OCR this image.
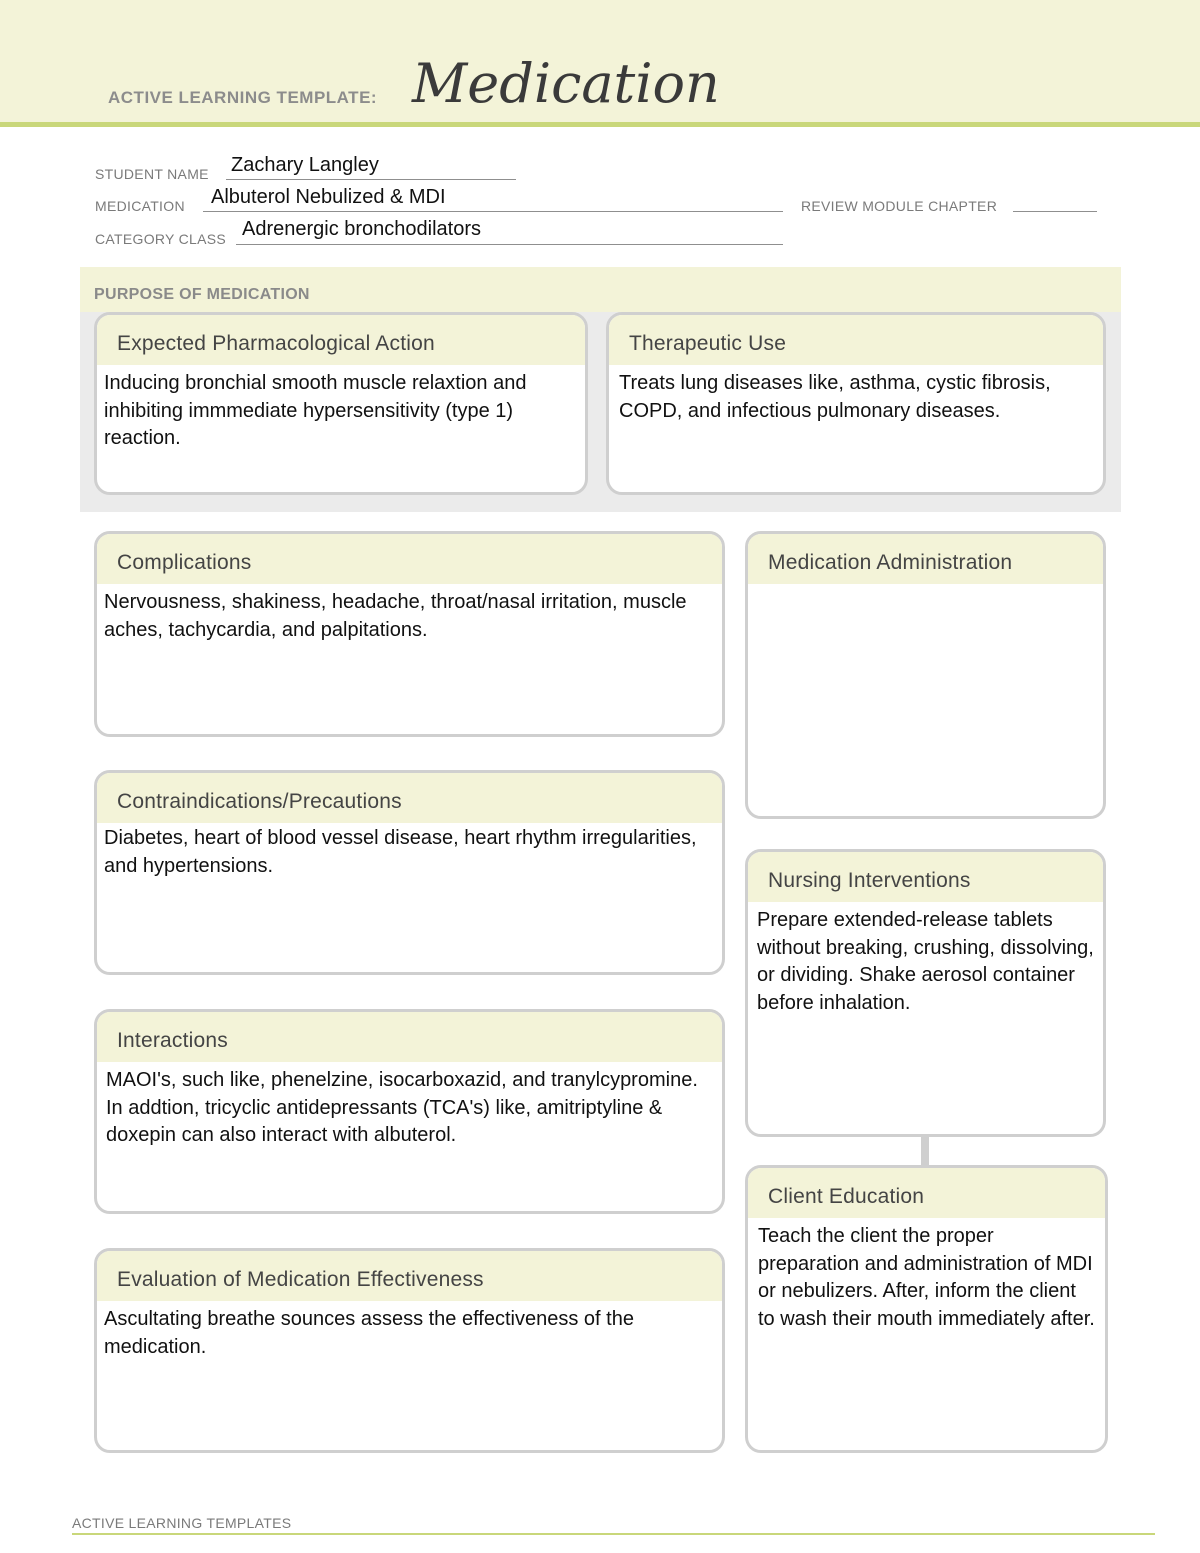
ACTIVE LEARNING TEMPLATE: Medication
STUDENT NAME Zachary Langley
MEDICATION Albuterol Nebulized & MDI	REVIEW MODULE CHAPTER
CATEGORY CLASS Adrenergic bronchodilators
PURPOSE OF MEDICATION
Expected Pharmacological Action
Inducing bronchial smooth muscle relaxtion and inhibiting immmediate hypersensitivity (type 1) reaction.
Therapeutic Use
Treats lung diseases like, asthma, cystic fibrosis, COPD, and infectious pulmonary diseases.
Complications
Nervousness, shakiness, headache, throat/nasal irritation, muscle aches, tachycardia, and palpitations.
Contraindications/Precautions
Diabetes, heart of blood vessel disease, heart rhythm irregularities, and hypertensions.
Interactions
MAOI's, such like, phenelzine, isocarboxazid, and tranylcypromine. In addtion, tricyclic antidepressants (TCA's) like, amitriptyline & doxepin can also interact with albuterol.
Evaluation of Medication Effectiveness
Ascultating breathe sounces assess the effectiveness of the medication.
Medication Administration
Nursing Interventions
Prepare extended-release tablets without breaking, crushing, dissolving, or dividing. Shake aerosol container before inhalation.
Client Education
Teach the client the proper preparation and administration of MDI or nebulizers. After, inform the client to wash their mouth immediately after.
ACTIVE LEARNING TEMPLATES
